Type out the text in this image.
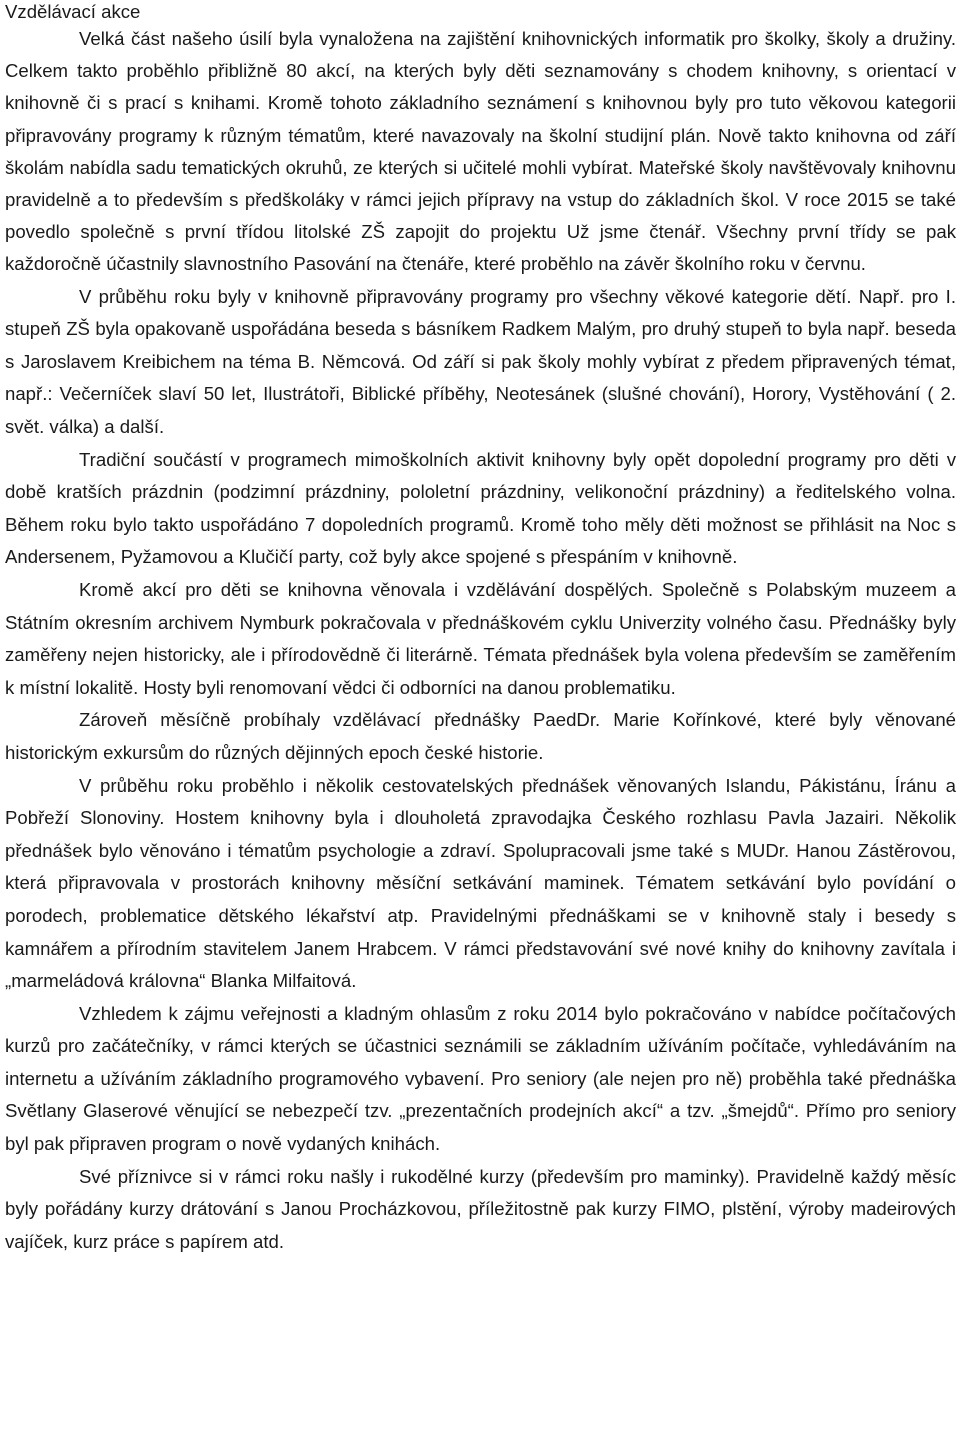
Vzdělávací akce

Velká část našeho úsilí byla vynaložena na zajištění knihovnických informatik pro školky, školy a družiny. Celkem takto proběhlo přibližně 80 akcí, na kterých byly děti seznamovány s chodem knihovny, s orientací v knihovně či s prací s knihami. Kromě tohoto základního seznámení s knihovnou byly pro tuto věkovou kategorii připravovány programy k různým tématům, které navazovaly na školní studijní plán. Nově takto knihovna od září školám nabídla sadu tematických okruhů, ze kterých si učitelé mohli vybírat. Mateřské školy navštěvovaly knihovnu pravidelně a to především s předškoláky v rámci jejich přípravy na vstup do základních škol. V roce 2015 se také povedlo společně s první třídou litolské ZŠ zapojit do projektu Už jsme čtenář. Všechny první třídy se pak každoročně účastnily slavnostního Pasování na čtenáře, které proběhlo na závěr školního roku v červnu.

V průběhu roku byly v knihovně připravovány programy pro všechny věkové kategorie dětí. Např. pro I. stupeň ZŠ byla opakovaně uspořádána beseda s básníkem Radkem Malým, pro druhý stupeň to byla např. beseda s Jaroslavem Kreibichem na téma B. Němcová. Od září si pak školy mohly vybírat z předem připravených témat, např.: Večerníček slaví 50 let, Ilustrátoři, Biblické příběhy, Neotesánek (slušné chování), Horory, Vystěhování ( 2. svět. válka) a další.

Tradiční součástí v programech mimoškolních aktivit knihovny byly opět dopolední programy pro děti v době kratších prázdnin (podzimní prázdniny, pololetní prázdniny, velikonoční prázdniny) a ředitelského volna. Během roku bylo takto uspořádáno 7 dopoledních programů. Kromě toho měly děti možnost se přihlásit na Noc s Andersenem, Pyžamovou a Klučičí party, což byly akce spojené s přespáním v knihovně.

Kromě akcí pro děti se knihovna věnovala i vzdělávání dospělých. Společně s Polabským muzeem a Státním okresním archivem Nymburk pokračovala v přednáškovém cyklu Univerzity volného času. Přednášky byly zaměřeny nejen historicky, ale i přírodovědně či literárně. Témata přednášek byla volena především se zaměřením k místní lokalitě. Hosty byli renomovaní vědci či odborníci na danou problematiku.

Zároveň měsíčně probíhaly vzdělávací přednášky PaedDr. Marie Kořínkové, které byly věnované historickým exkursům do různých dějinných epoch české historie.

V průběhu roku proběhlo i několik cestovatelských přednášek věnovaných Islandu, Pákistánu, Íránu a Pobřeží Slonoviny. Hostem knihovny byla i dlouholetá zpravodajka Českého rozhlasu Pavla Jazairi. Několik přednášek bylo věnováno i tématům psychologie a zdraví. Spolupracovali jsme také s MUDr. Hanou Zástěrovou, která připravovala v prostorách knihovny měsíční setkávání maminek. Tématem setkávání bylo povídání o porodech, problematice dětského lékařství atp. Pravidelnými přednáškami se v knihovně staly i besedy s kamnářem a přírodním stavitelem Janem Hrabcem. V rámci představování své nové knihy do knihovny zavítala i „marmeládová královna“ Blanka Milfaitová.

Vzhledem k zájmu veřejnosti a kladným ohlasům z roku 2014 bylo pokračováno v nabídce počítačových kurzů pro začátečníky, v rámci kterých se účastnici seznámili se základním užíváním počítače, vyhledáváním na internetu a užíváním základního programového vybavení. Pro seniory (ale nejen pro ně) proběhla také přednáška Světlany Glaserové věnující se nebezpečí tzv. „prezentačních prodejních akcí“ a tzv. „šmejdů“. Přímo pro seniory byl pak připraven program o nově vydaných knihách.

Své příznivce si v rámci roku našly i rukodělné kurzy (především pro maminky). Pravidelně každý měsíc byly pořádány kurzy drátování s Janou Procházkovou, příležitostně pak kurzy FIMO, plstění, výroby madeirových vajíček, kurz práce s papírem atd.
